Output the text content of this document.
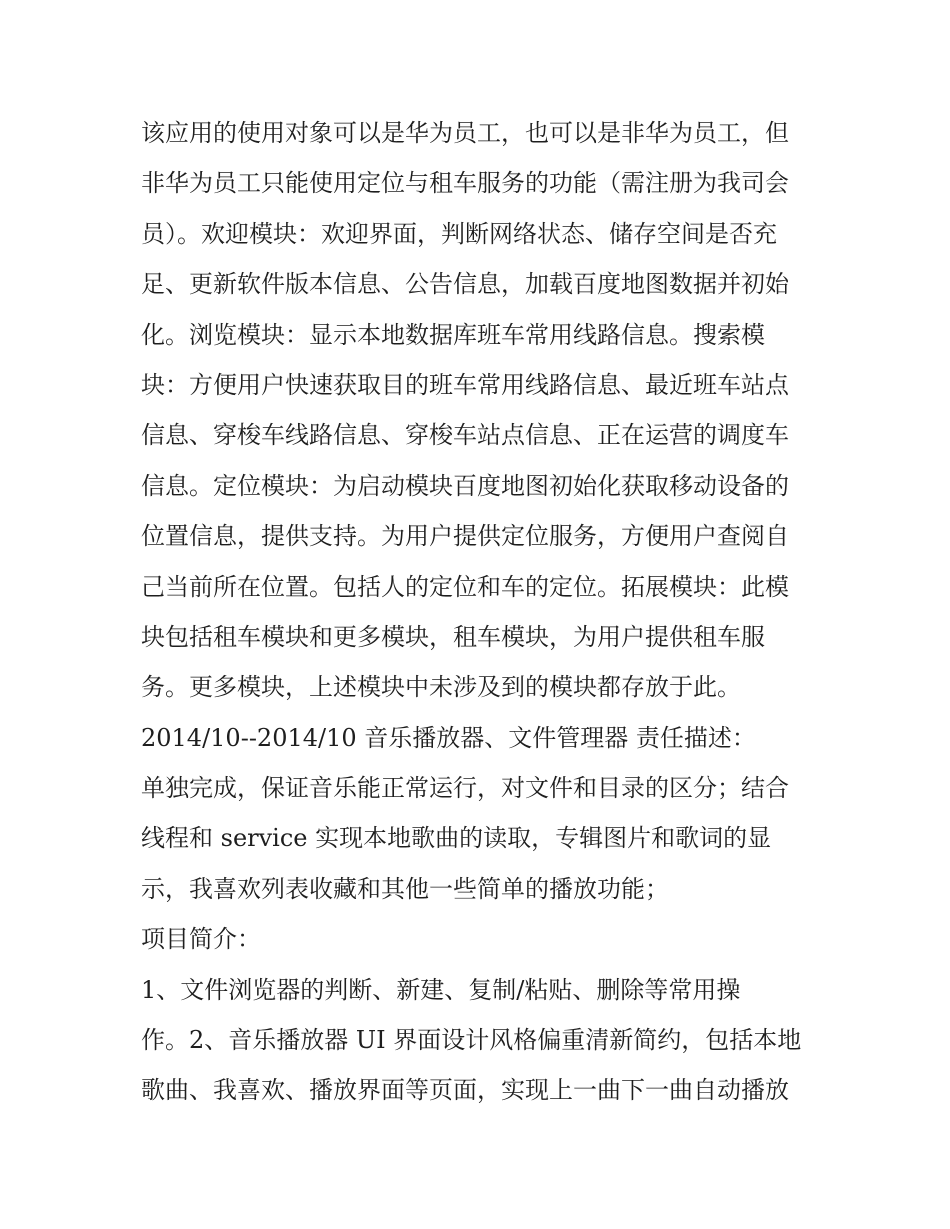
该应用的使用对象可以是华为员工，也可以是非华为员工，但
非华为员工只能使用定位与租车服务的功能（需注册为我司会
员）。欢迎模块：欢迎界面，判断网络状态、储存空间是否充
足、更新软件版本信息、公告信息，加载百度地图数据并初始
化。浏览模块：显示本地数据库班车常用线路信息。搜索模
块：方便用户快速获取目的班车常用线路信息、最近班车站点
信息、穿梭车线路信息、穿梭车站点信息、正在运营的调度车
信息。定位模块：为启动模块百度地图初始化获取移动设备的
位置信息，提供支持。为用户提供定位服务，方便用户查阅自
己当前所在位置。包括人的定位和车的定位。拓展模块：此模
块包括租车模块和更多模块，租车模块，为用户提供租车服
务。更多模块，上述模块中未涉及到的模块都存放于此。
2014/10--2014/10 音乐播放器、文件管理器 责任描述：
单独完成，保证音乐能正常运行，对文件和目录的区分；结合
线程和 service 实现本地歌曲的读取，专辑图片和歌词的显
示，我喜欢列表收藏和其他一些简单的播放功能；
项目简介：
1、文件浏览器的判断、新建、复制/粘贴、删除等常用操
作。2、音乐播放器 UI 界面设计风格偏重清新简约，包括本地
歌曲、我喜欢、播放界面等页面，实现上一曲下一曲自动播放
